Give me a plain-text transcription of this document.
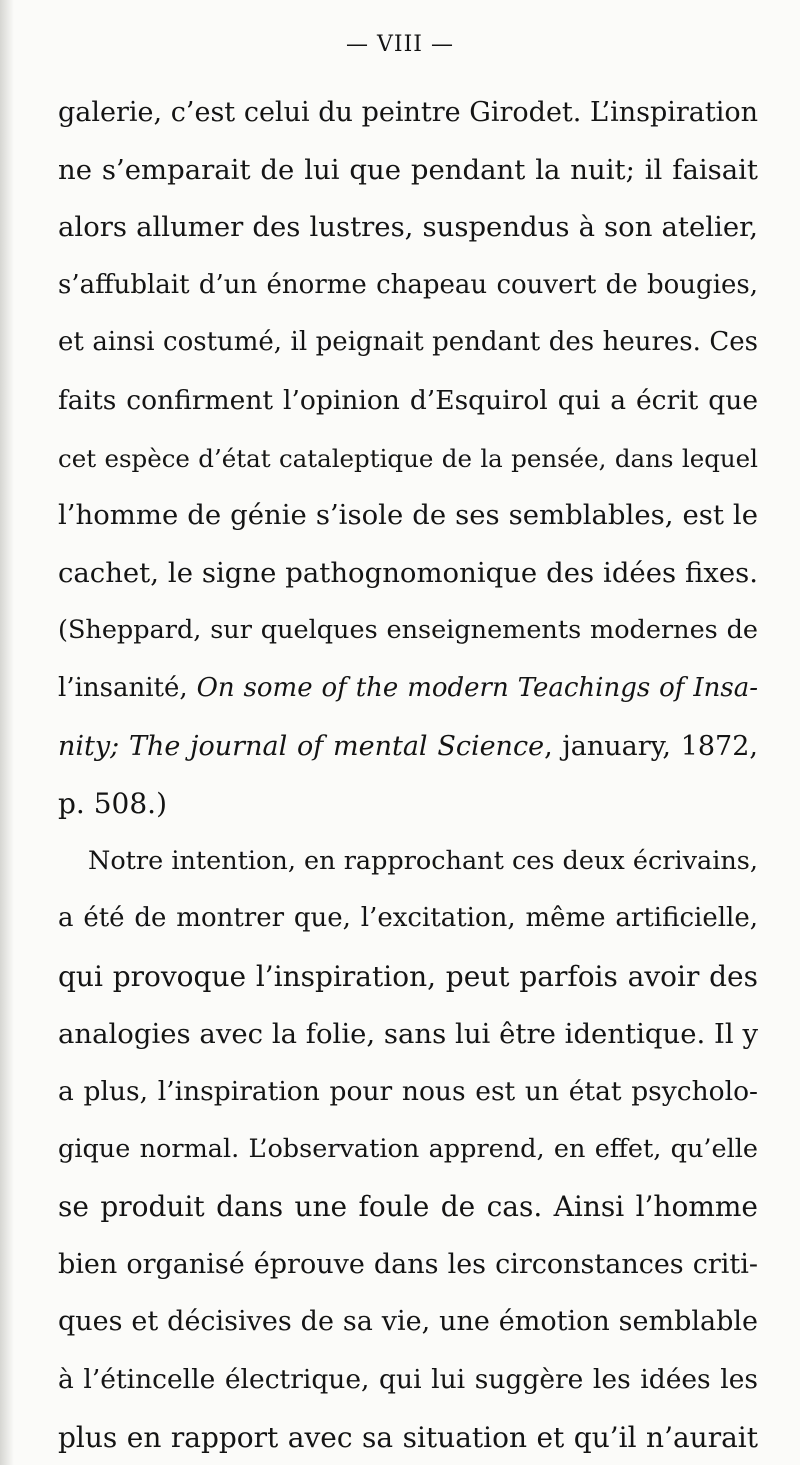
— VIII —
galerie, c’est celui du peintre Girodet. L’inspiration
ne s’emparait de lui que pendant la nuit; il faisait
alors allumer des lustres, suspendus à son atelier,
s’affublait d’un énorme chapeau couvert de bougies,
et ainsi costumé, il peignait pendant des heures. Ces
faits confirment l’opinion d’Esquirol qui a écrit que
cet espèce d’état cataleptique de la pensée, dans lequel
l’homme de génie s’isole de ses semblables, est le
cachet, le signe pathognomonique des idées fixes.
(Sheppard, sur quelques enseignements modernes de
l’insanité, On some of the modern Teachings of Insa-
nity; The journal of mental Science, january, 1872,
p. 508.)
Notre intention, en rapprochant ces deux écrivains,
a été de montrer que, l’excitation, même artificielle,
qui provoque l’inspiration, peut parfois avoir des
analogies avec la folie, sans lui être identique. Il y
a plus, l’inspiration pour nous est un état psycholo-
gique normal. L’observation apprend, en effet, qu’elle
se produit dans une foule de cas. Ainsi l’homme
bien organisé éprouve dans les circonstances criti-
ques et décisives de sa vie, une émotion semblable
à l’étincelle électrique, qui lui suggère les idées les
plus en rapport avec sa situation et qu’il n’aurait
